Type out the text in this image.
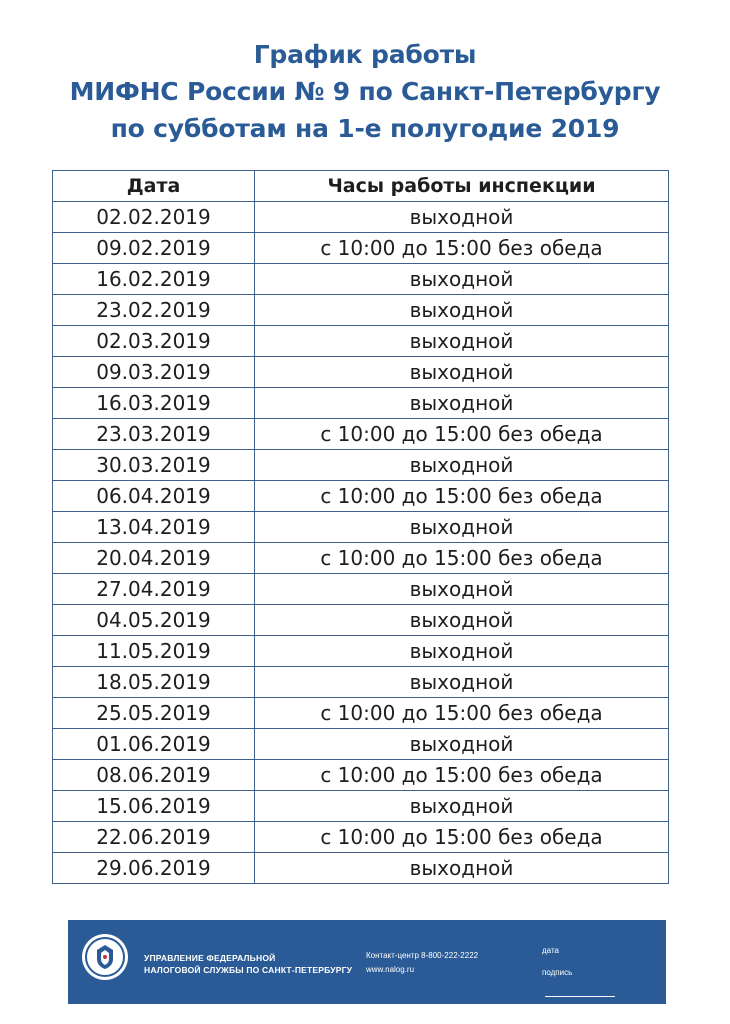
График работы
МИФНС России № 9 по Санкт-Петербургу
по субботам на 1-е полугодие 2019
Дата	Часы работы инспекции
02.02.2019	выходной
09.02.2019	с 10:00 до 15:00 без обеда
16.02.2019	выходной
23.02.2019	выходной
02.03.2019	выходной
09.03.2019	выходной
16.03.2019	выходной
23.03.2019	с 10:00 до 15:00 без обеда
30.03.2019	выходной
06.04.2019	с 10:00 до 15:00 без обеда
13.04.2019	выходной
20.04.2019	с 10:00 до 15:00 без обеда
27.04.2019	выходной
04.05.2019	выходной
11.05.2019	выходной
18.05.2019	выходной
25.05.2019	с 10:00 до 15:00 без обеда
01.06.2019	выходной
08.06.2019	с 10:00 до 15:00 без обеда
15.06.2019	выходной
22.06.2019	с 10:00 до 15:00 без обеда
29.06.2019	выходной
УПРАВЛЕНИЕ ФЕДЕРАЛЬНОЙ
НАЛОГОВОЙ СЛУЖБЫ ПО САНКТ-ПЕТЕРБУРГУ
Контакт-центр 8-800-222-2222
www.nalog.ru
дата
подпись
